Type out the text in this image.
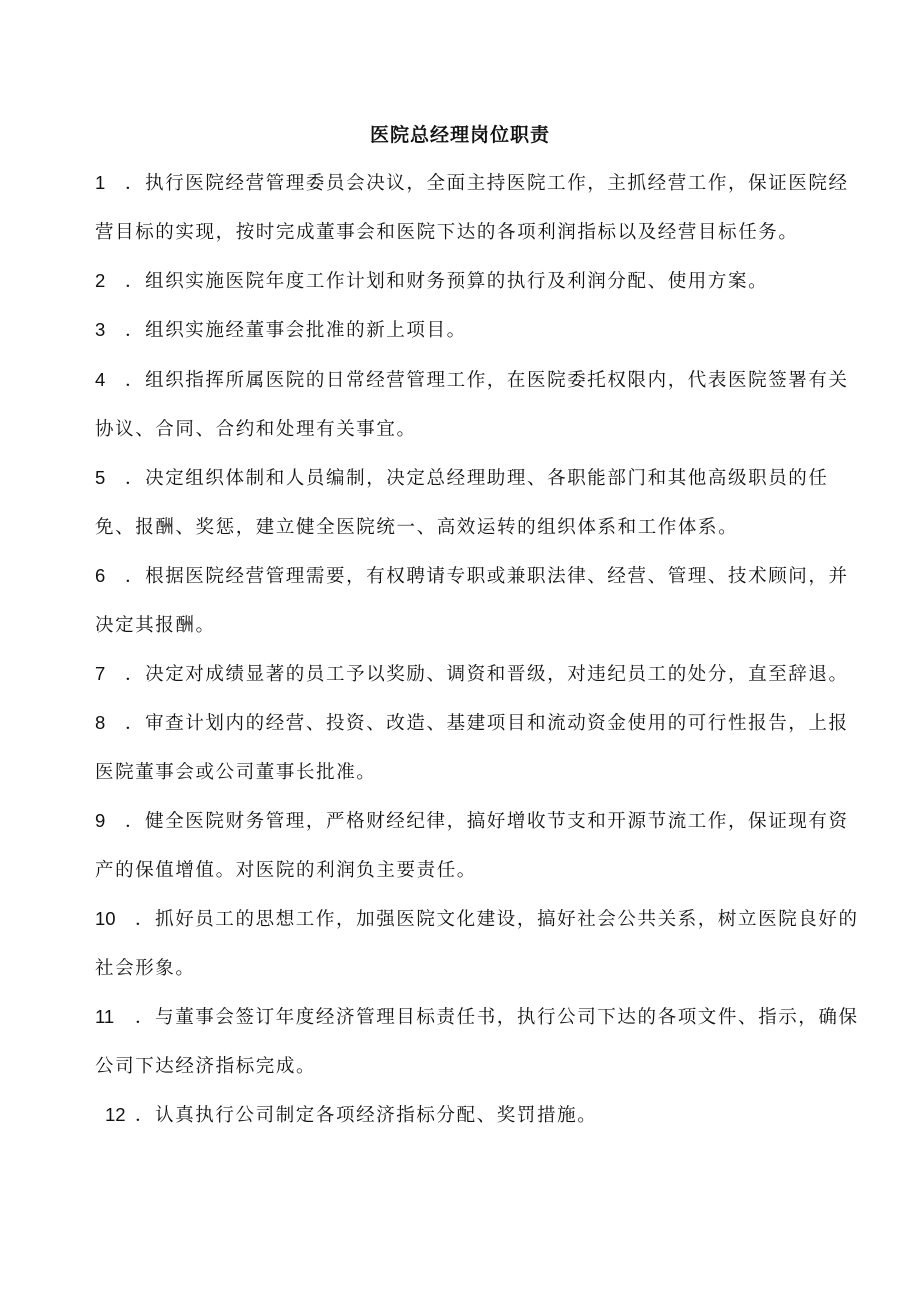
医院总经理岗位职责
1 ．执行医院经营管理委员会决议，全面主持医院工作，主抓经营工作，保证医院经营目标的实现，按时完成董事会和医院下达的各项利润指标以及经营目标任务。
2 ．组织实施医院年度工作计划和财务预算的执行及利润分配、使用方案。
3 ．组织实施经董事会批准的新上项目。
4 ．组织指挥所属医院的日常经营管理工作，在医院委托权限内，代表医院签署有关协议、合同、合约和处理有关事宜。
5 ．决定组织体制和人员编制，决定总经理助理、各职能部门和其他高级职员的任免、报酬、奖惩，建立健全医院统一、高效运转的组织体系和工作体系。
6 ．根据医院经营管理需要，有权聘请专职或兼职法律、经营、管理、技术顾问，并决定其报酬。
7 ．决定对成绩显著的员工予以奖励、调资和晋级，对违纪员工的处分，直至辞退。
8 ．审查计划内的经营、投资、改造、基建项目和流动资金使用的可行性报告，上报医院董事会或公司董事长批准。
9 ．健全医院财务管理，严格财经纪律，搞好增收节支和开源节流工作，保证现有资产的保值增值。对医院的利润负主要责任。
10 ．抓好员工的思想工作，加强医院文化建设，搞好社会公共关系，树立医院良好的社会形象。
11 ．与董事会签订年度经济管理目标责任书，执行公司下达的各项文件、指示，确保公司下达经济指标完成。
12 ．认真执行公司制定各项经济指标分配、奖罚措施。
